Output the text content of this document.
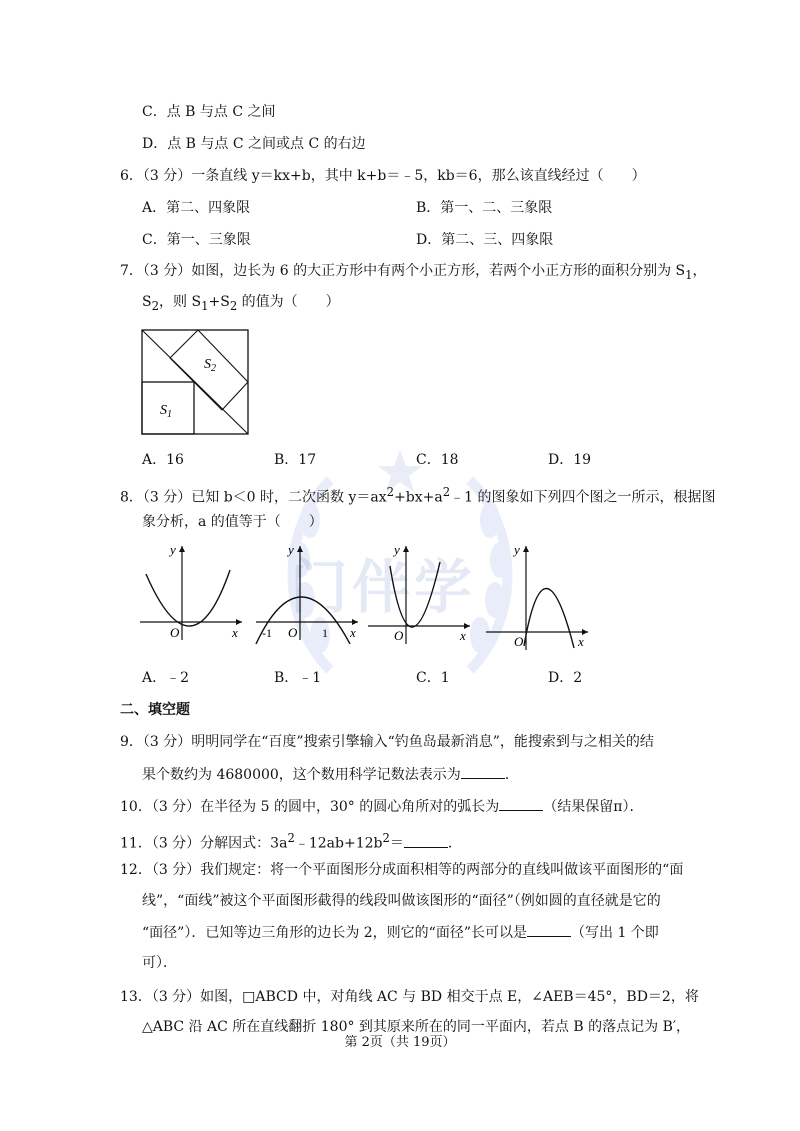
门伴学
C．点 B 与点 C 之间
D．点 B 与点 C 之间或点 C 的右边
6．（3 分）一条直线 y＝kx+b，其中 k+b＝﹣5，kb＝6，那么该直线经过（　　）
A．第二、四象限	B．第一、二、三象限
C．第一、三象限	D．第二、三、四象限
7．（3 分）如图，边长为 6 的大正方形中有两个小正方形，若两个小正方形的面积分别为 $S_1$，
$S_2$，则 $S_1+S_2$ 的值为（　　）
$S_2$
$S_1$
A．16	B．17	C．18	D．19
8．（3 分）已知 b＜0 时，二次函数 $y=ax^2+bx+a^2﹣1$ 的图象如下列四个图之一所示，根据图
象分析，a 的值等于（　　）
y
x
O
y
x
O
-1	1
y
x
O
y
x
O
A．﹣2	B．﹣1	C．1	D．2
二、填空题
9．（3 分）明明同学在“百度”搜索引擎输入“钓鱼岛最新消息”，能搜索到与之相关的结
果个数约为 4680000，这个数用科学记数法表示为	．
10．（3 分）在半径为 5 的圆中，30° 的圆心角所对的弧长为	（结果保留π）．
11．（3 分）分解因式：$3a^2﹣12ab+12b^2=$	．
12．（3 分）我们规定：将一个平面图形分成面积相等的两部分的直线叫做该平面图形的“面
线”，“面线”被这个平面图形截得的线段叫做该图形的“面径”（例如圆的直径就是它的
“面径”）．已知等边三角形的边长为 2，则它的“面径”长可以是	（写出 1 个即
可）．
13．（3 分）如图，□ABCD 中，对角线 AC 与 BD 相交于点 E，∠AEB＝45°，BD＝2，将
△ABC 沿 AC 所在直线翻折 180° 到其原来所在的同一平面内，若点 B 的落点记为 B′，
第 2页（共 19页）
